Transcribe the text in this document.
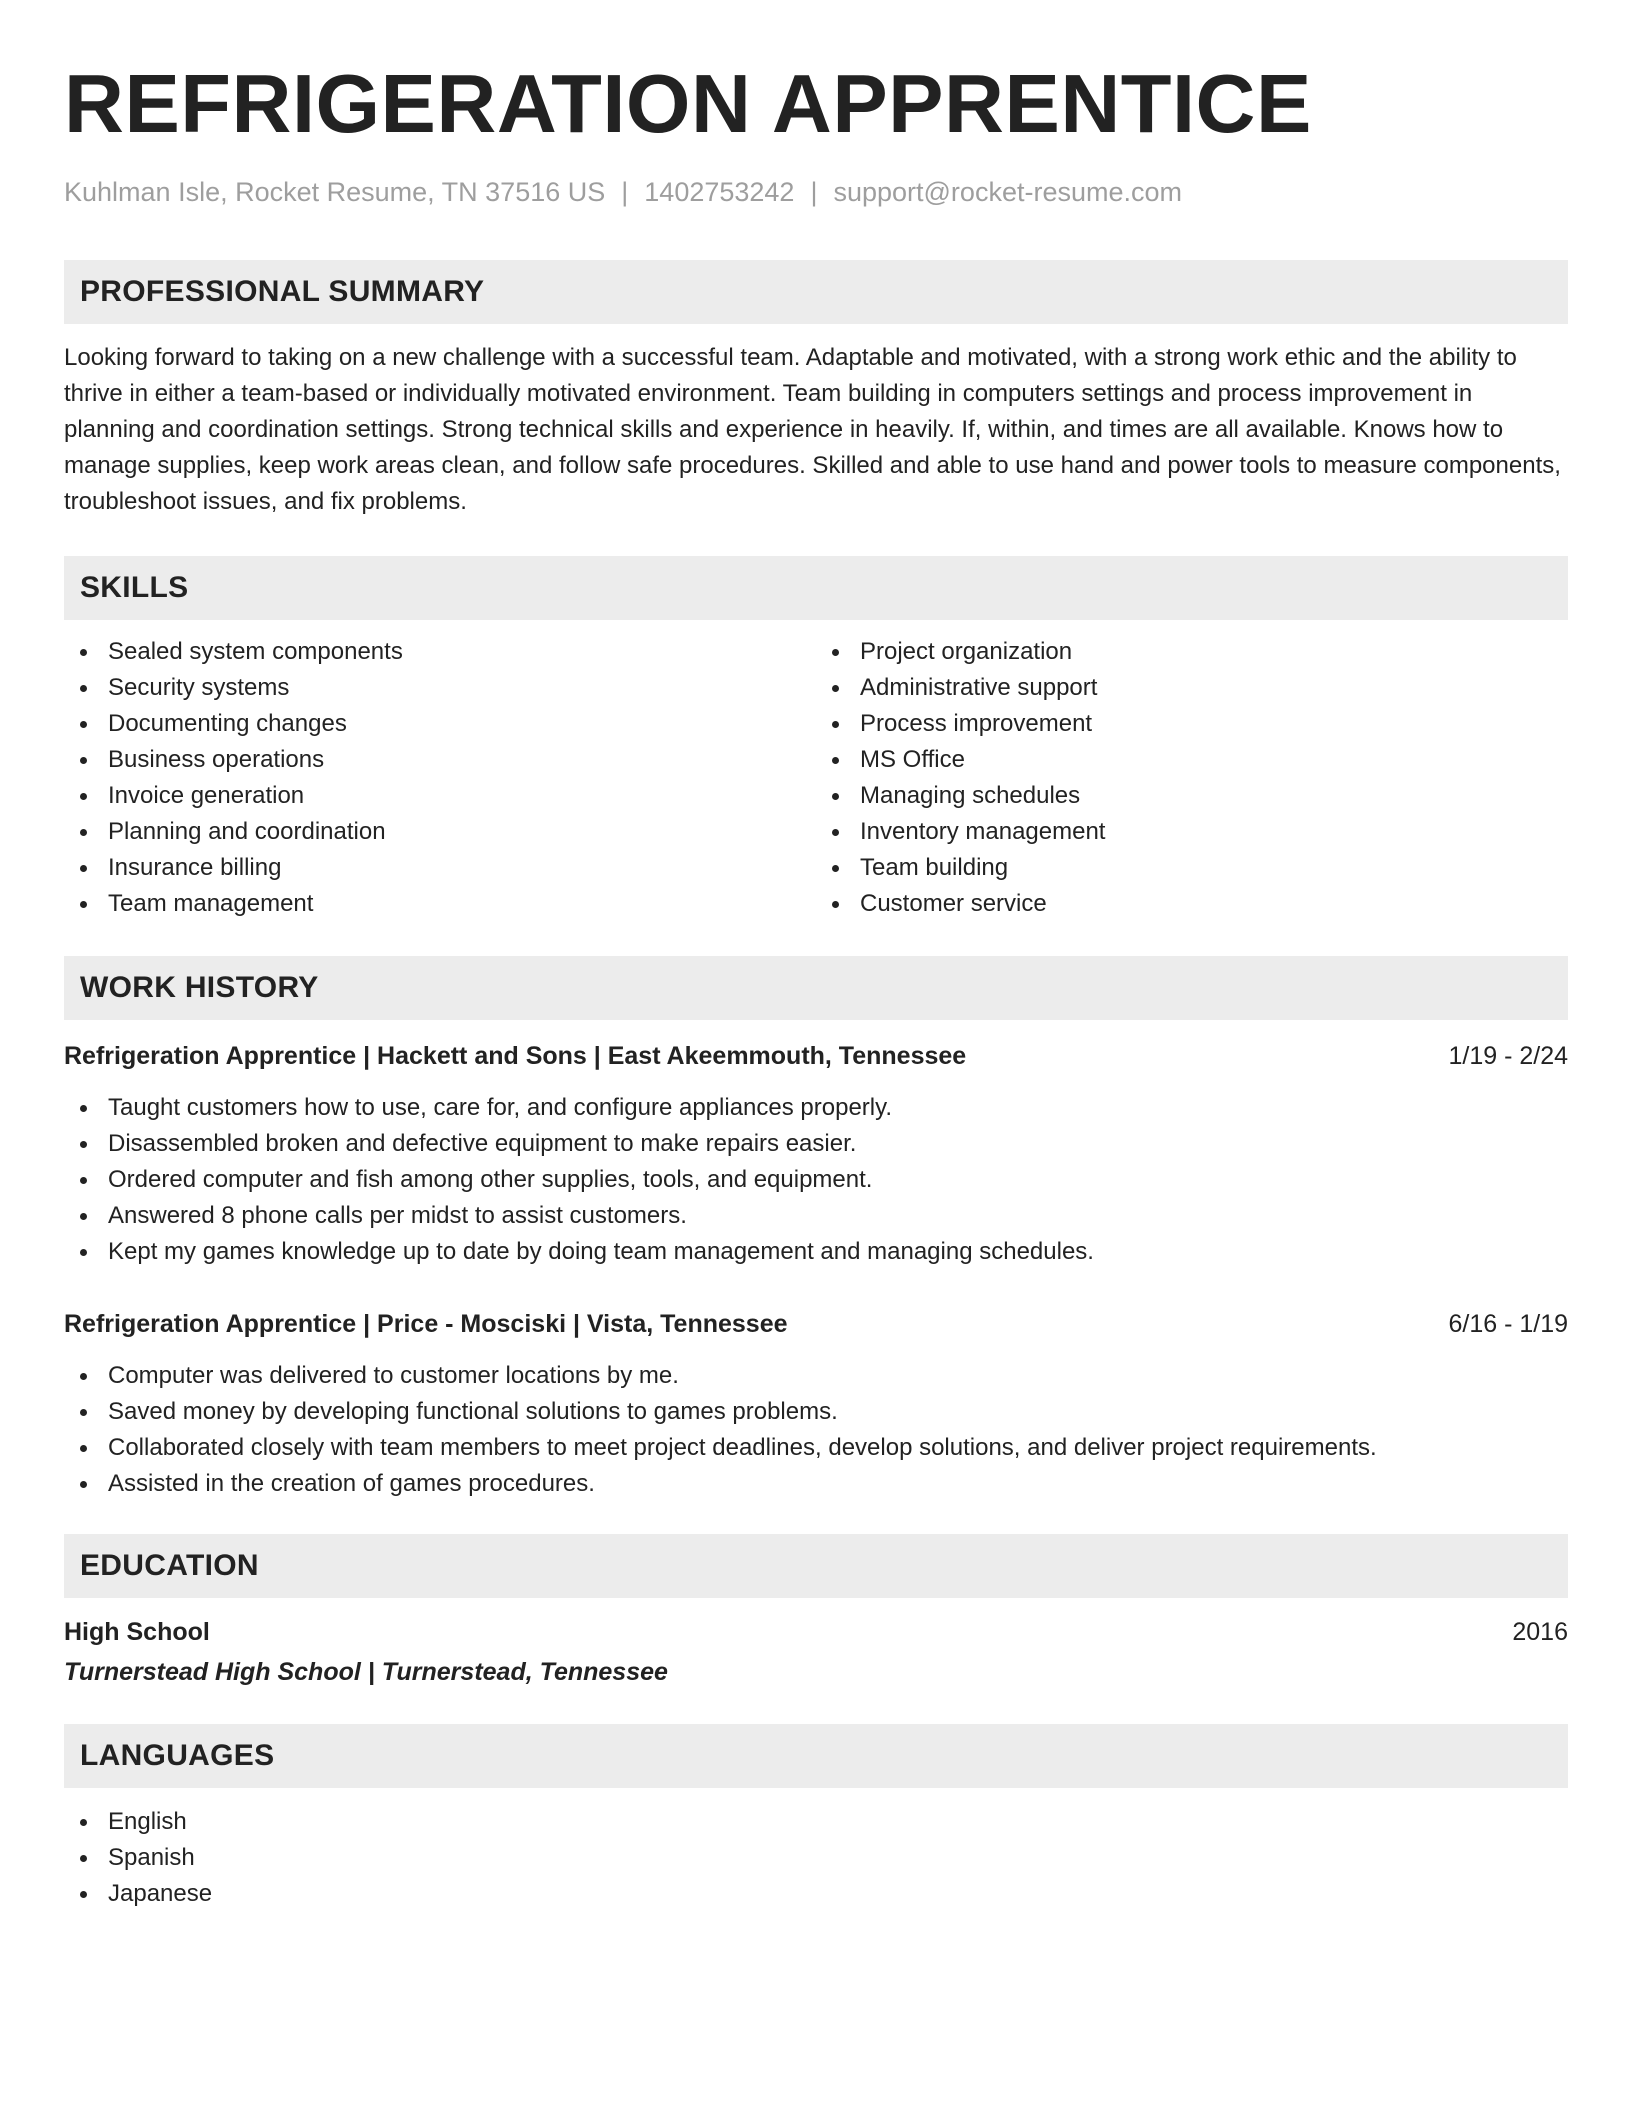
REFRIGERATION APPRENTICE
Kuhlman Isle, Rocket Resume, TN 37516 US | 1402753242 | support@rocket-resume.com
PROFESSIONAL SUMMARY

Looking forward to taking on a new challenge with a successful team. Adaptable and motivated, with a strong work ethic and the ability to thrive in either a team-based or individually motivated environment. Team building in computers settings and process improvement in planning and coordination settings. Strong technical skills and experience in heavily. If, within, and times are all available. Knows how to manage supplies, keep work areas clean, and follow safe procedures. Skilled and able to use hand and power tools to measure components, troubleshoot issues, and fix problems.

SKILLS
Sealed system components
Security systems
Documenting changes
Business operations
Invoice generation
Planning and coordination
Insurance billing
Team management
Project organization
Administrative support
Process improvement
MS Office
Managing schedules
Inventory management
Team building
Customer service
WORK HISTORY
Refrigeration Apprentice | Hackett and Sons | East Akeemmouth, Tennessee	1/19 - 2/24
Taught customers how to use, care for, and configure appliances properly.
Disassembled broken and defective equipment to make repairs easier.
Ordered computer and fish among other supplies, tools, and equipment.
Answered 8 phone calls per midst to assist customers.
Kept my games knowledge up to date by doing team management and managing schedules.
Refrigeration Apprentice | Price - Mosciski | Vista, Tennessee	6/16 - 1/19
Computer was delivered to customer locations by me.
Saved money by developing functional solutions to games problems.
Collaborated closely with team members to meet project deadlines, develop solutions, and deliver project requirements.
Assisted in the creation of games procedures.
EDUCATION
High School	2016
Turnerstead High School | Turnerstead, Tennessee
LANGUAGES
English
Spanish
Japanese
